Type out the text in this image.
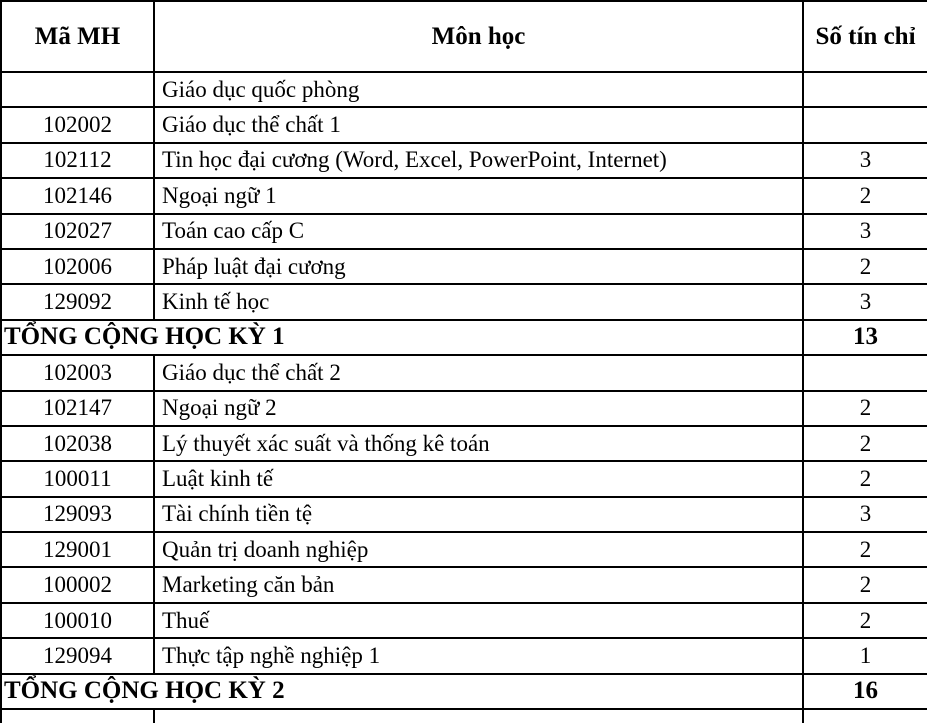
Mã MH	Môn học	Số tín chỉ
	Giáo dục quốc phòng	
102002	Giáo dục thể chất 1	
102112	Tin học đại cương (Word, Excel, PowerPoint, Internet)	3
102146	Ngoại ngữ 1	2
102027	Toán cao cấp C	3
102006	Pháp luật đại cương	2
129092	Kinh tế học	3
TỔNG CỘNG HỌC KỲ 1		13
102003	Giáo dục thể chất 2	
102147	Ngoại ngữ 2	2
102038	Lý thuyết xác suất và thống kê toán	2
100011	Luật kinh tế	2
129093	Tài chính tiền tệ	3
129001	Quản trị doanh nghiệp	2
100002	Marketing căn bản	2
100010	Thuế	2
129094	Thực tập nghề nghiệp 1	1
TỔNG CỘNG HỌC KỲ 2		16
